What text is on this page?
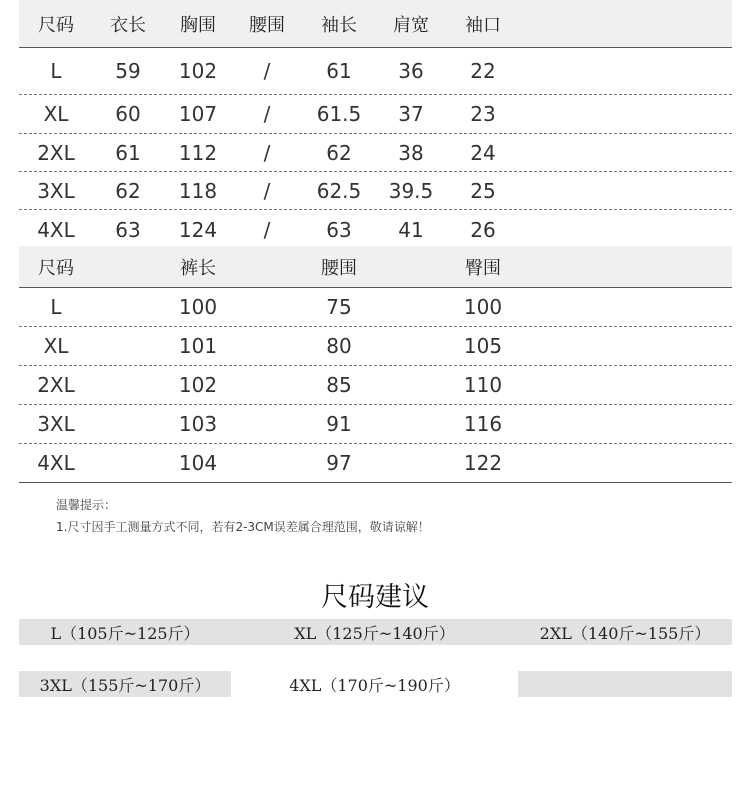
尺码 衣长 胸围 腰围 袖长 肩宽 袖口
L	59 102 /	61 36 22
XL 60 107 / 61.5 37 23
2XL 61 112 /	62 38 24
3XL 62 118 / 62.5 39.5 25
4XL 63 124 /	63 41 26
尺码	裤长	腰围	臀围
L	100	75	100
XL	101	80	105
2XL	102	85	110
3XL	103	91	116
4XL	104	97	122
温馨提示：
1.尺寸因手工测量方式不同，若有2-3CM误差属合理范围，敬请谅解！
尺码建议
L（105斤~125斤）	XL（125斤~140斤）	2XL（140斤~155斤）
3XL（155斤~170斤）	4XL（170斤~190斤）
